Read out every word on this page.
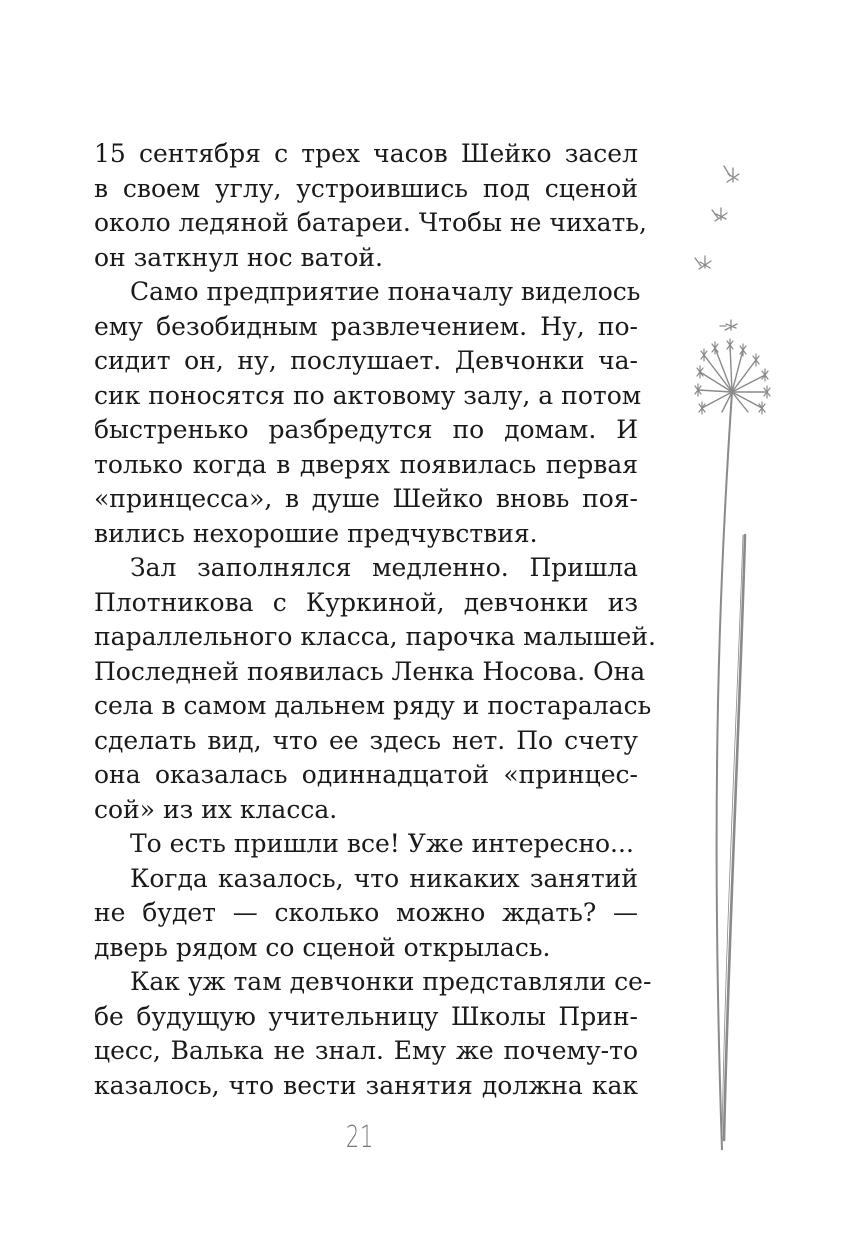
15 сентября с трех часов Шейко засел
в своем углу, устроившись под сценой
около ледяной батареи. Чтобы не чихать,
он заткнул нос ватой.
Само предприятие поначалу виделось
ему безобидным развлечением. Ну, по-
сидит он, ну, послушает. Девчонки ча-
сик поносятся по актовому залу, а потом
быстренько разбредутся по домам. И
только когда в дверях появилась первая
«принцесса», в душе Шейко вновь поя-
вились нехорошие предчувствия.
Зал заполнялся медленно. Пришла
Плотникова с Куркиной, девчонки из
параллельного класса, парочка малышей.
Последней появилась Ленка Носова. Она
села в самом дальнем ряду и постаралась
сделать вид, что ее здесь нет. По счету
она оказалась одиннадцатой «принцес-
сой» из их класса.
То есть пришли все! Уже интересно...
Когда казалось, что никаких занятий
не будет — сколько можно ждать? —
дверь рядом со сценой открылась.
Как уж там девчонки представляли се-
бе будущую учительницу Школы Прин-
цесс, Валька не знал. Ему же почему-то
казалось, что вести занятия должна как
21
